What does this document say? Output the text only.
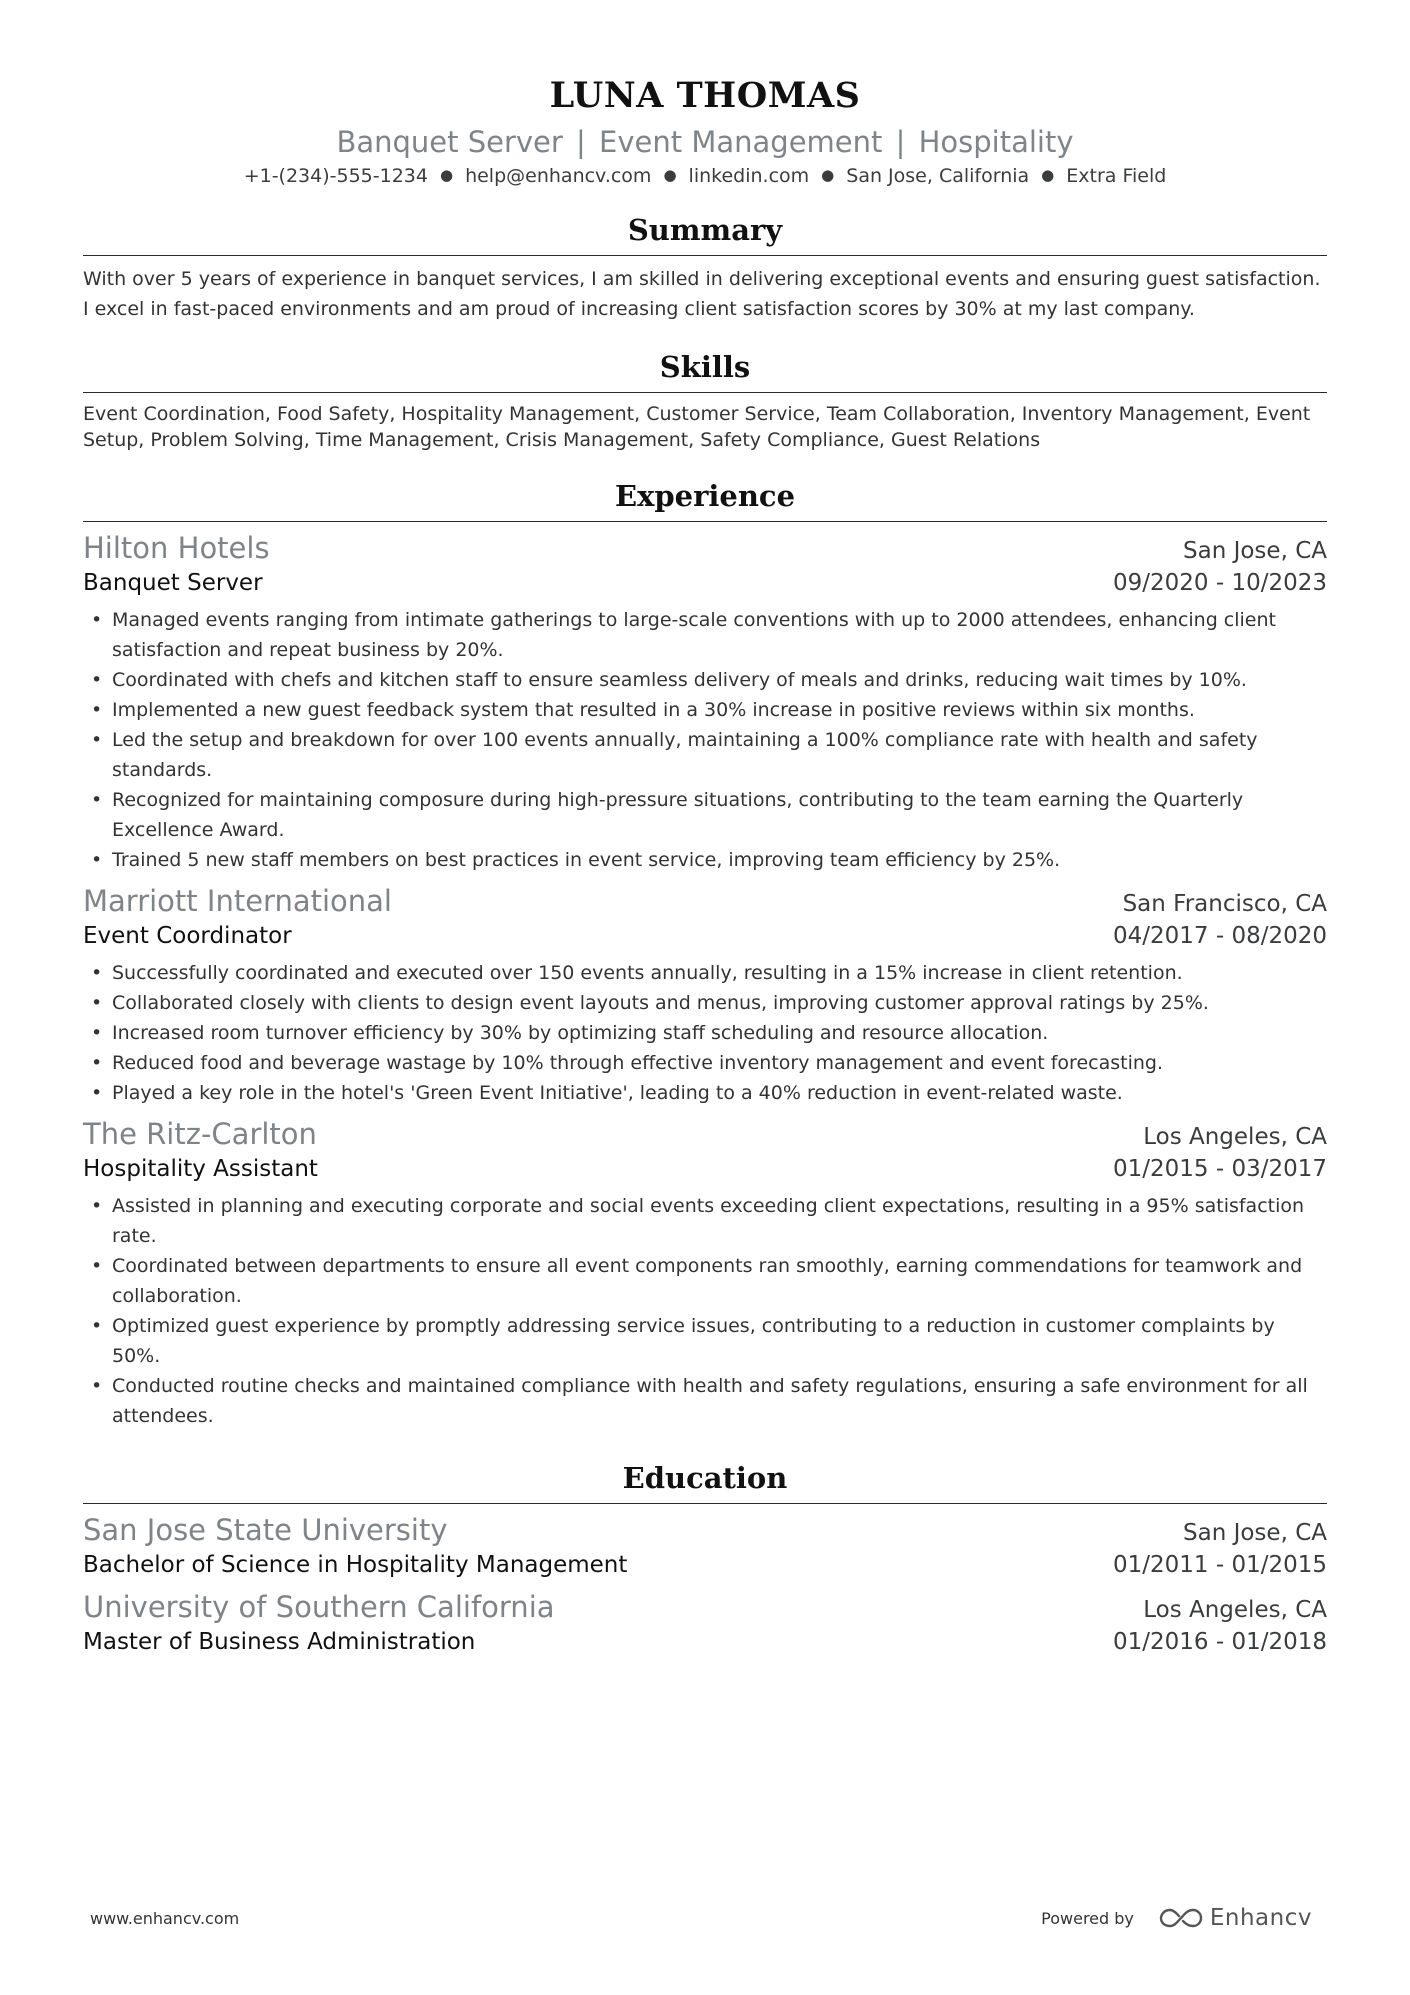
LUNA THOMAS
Banquet Server | Event Management | Hospitality
+1-(234)-555-1234 ● help@enhancv.com ● linkedin.com ● San Jose, California ● Extra Field
Summary
With over 5 years of experience in banquet services, I am skilled in delivering exceptional events and ensuring guest satisfaction. I excel in fast-paced environments and am proud of increasing client satisfaction scores by 30% at my last company.
Skills
Event Coordination, Food Safety, Hospitality Management, Customer Service, Team Collaboration, Inventory Management, Event Setup, Problem Solving, Time Management, Crisis Management, Safety Compliance, Guest Relations
Experience
Hilton Hotels	San Jose, CA
Banquet Server	09/2020 - 10/2023
• Managed events ranging from intimate gatherings to large-scale conventions with up to 2000 attendees, enhancing client satisfaction and repeat business by 20%.
• Coordinated with chefs and kitchen staff to ensure seamless delivery of meals and drinks, reducing wait times by 10%.
• Implemented a new guest feedback system that resulted in a 30% increase in positive reviews within six months.
• Led the setup and breakdown for over 100 events annually, maintaining a 100% compliance rate with health and safety standards.
• Recognized for maintaining composure during high-pressure situations, contributing to the team earning the Quarterly Excellence Award.
• Trained 5 new staff members on best practices in event service, improving team efficiency by 25%.
Marriott International	San Francisco, CA
Event Coordinator	04/2017 - 08/2020
• Successfully coordinated and executed over 150 events annually, resulting in a 15% increase in client retention.
• Collaborated closely with clients to design event layouts and menus, improving customer approval ratings by 25%.
• Increased room turnover efficiency by 30% by optimizing staff scheduling and resource allocation.
• Reduced food and beverage wastage by 10% through effective inventory management and event forecasting.
• Played a key role in the hotel's 'Green Event Initiative', leading to a 40% reduction in event-related waste.
The Ritz-Carlton	Los Angeles, CA
Hospitality Assistant	01/2015 - 03/2017
• Assisted in planning and executing corporate and social events exceeding client expectations, resulting in a 95% satisfaction rate.
• Coordinated between departments to ensure all event components ran smoothly, earning commendations for teamwork and collaboration.
• Optimized guest experience by promptly addressing service issues, contributing to a reduction in customer complaints by 50%.
• Conducted routine checks and maintained compliance with health and safety regulations, ensuring a safe environment for all attendees.
Education
San Jose State University	San Jose, CA
Bachelor of Science in Hospitality Management	01/2011 - 01/2015
University of Southern California	Los Angeles, CA
Master of Business Administration	01/2016 - 01/2018
www.enhancv.com	Powered by	Enhancv
